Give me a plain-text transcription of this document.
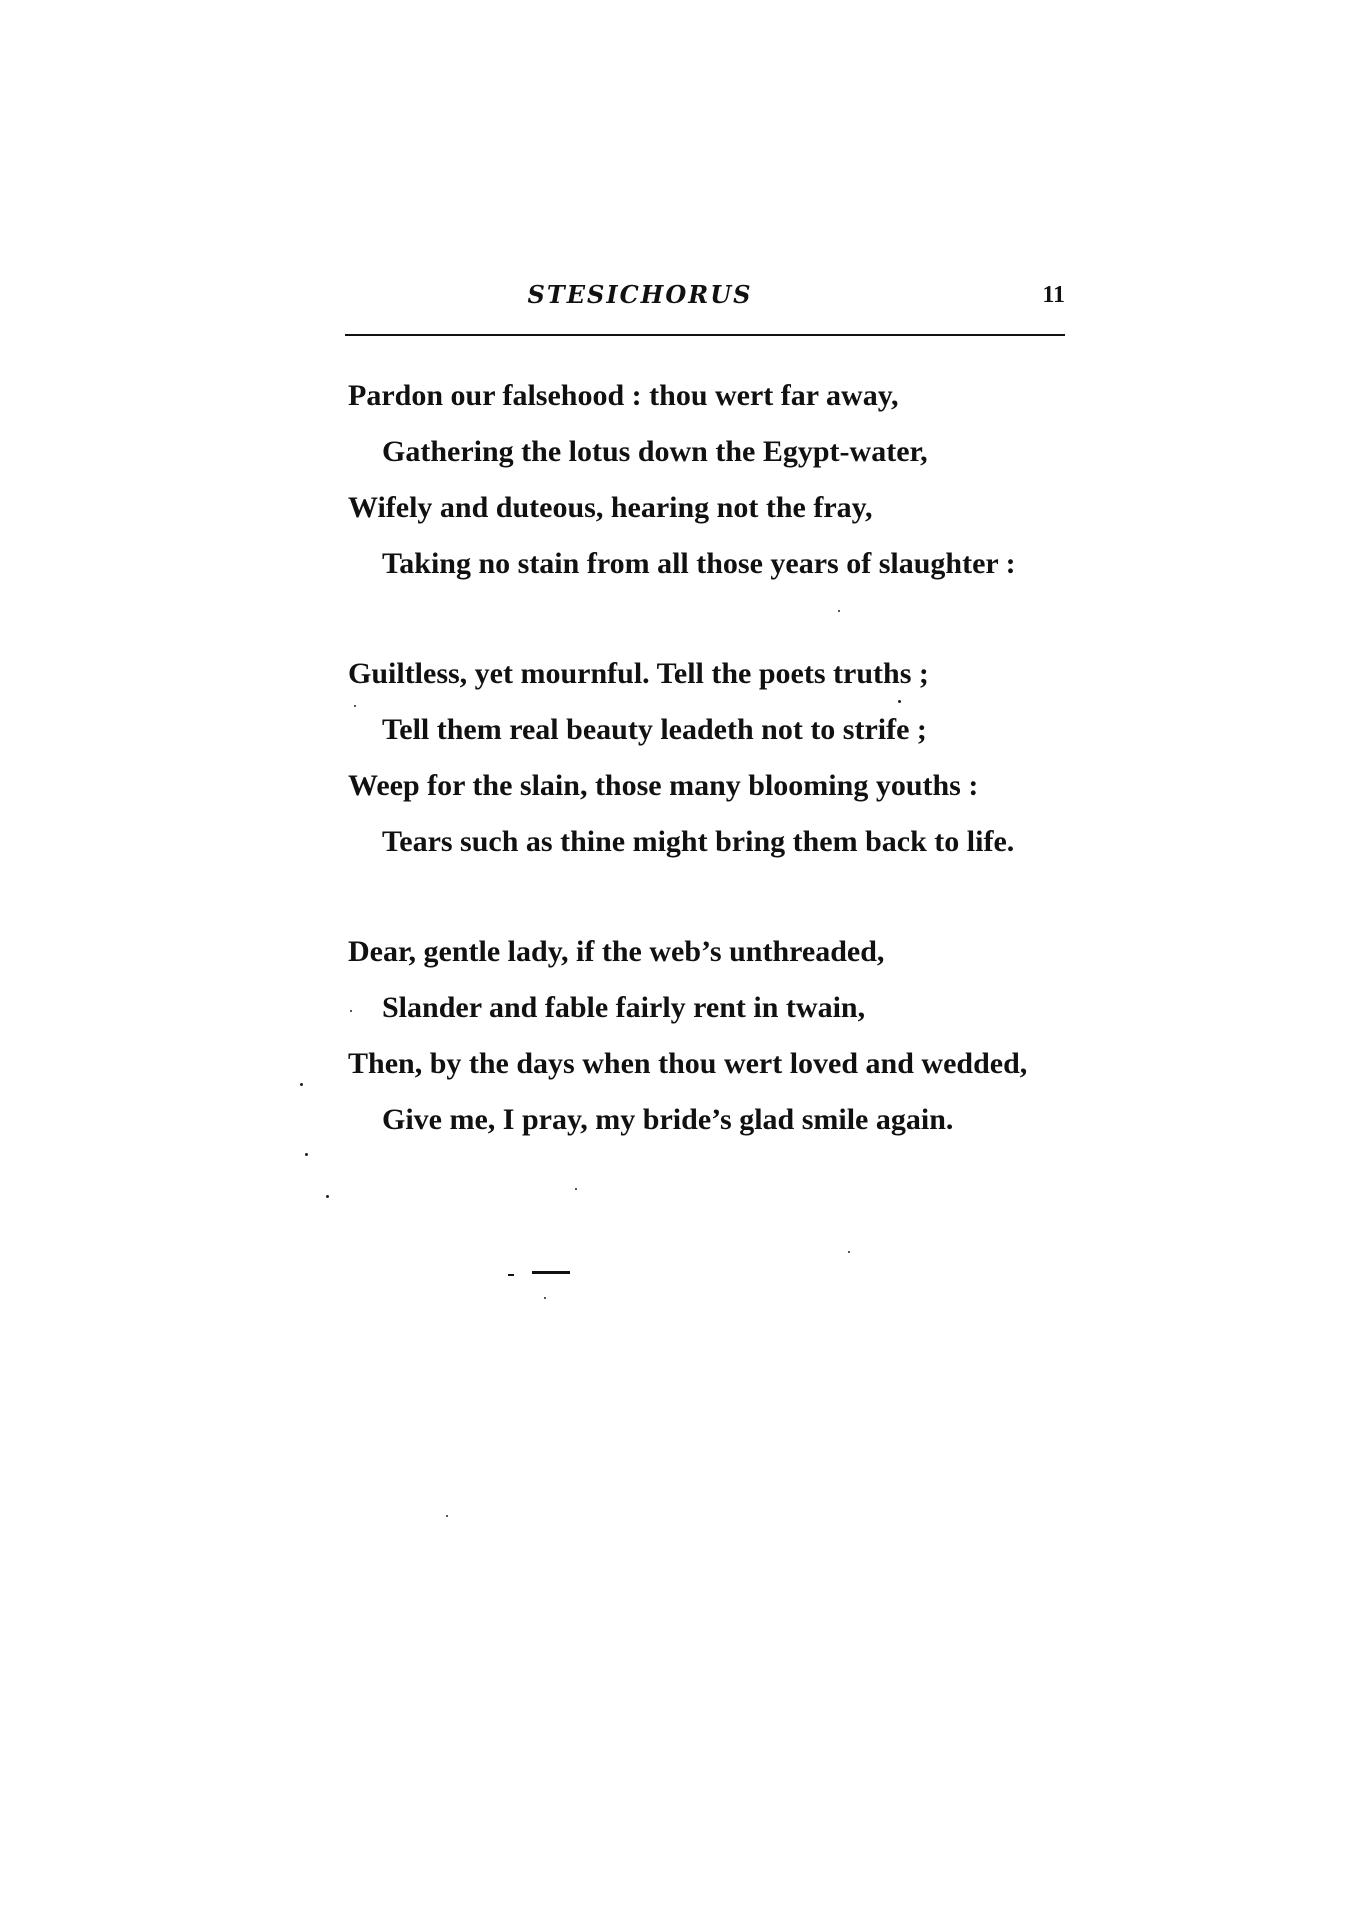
STESICHORUS	11
Pardon our falsehood : thou wert far away,
Gathering the lotus down the Egypt-water,
Wifely and duteous, hearing not the fray,
Taking no stain from all those years of slaughter :
Guiltless, yet mournful. Tell the poets truths ;
Tell them real beauty leadeth not to strife ;
Weep for the slain, those many blooming youths :
Tears such as thine might bring them back to life.
Dear, gentle lady, if the web’s unthreaded,
Slander and fable fairly rent in twain,
Then, by the days when thou wert loved and wedded,
Give me, I pray, my bride’s glad smile again.
